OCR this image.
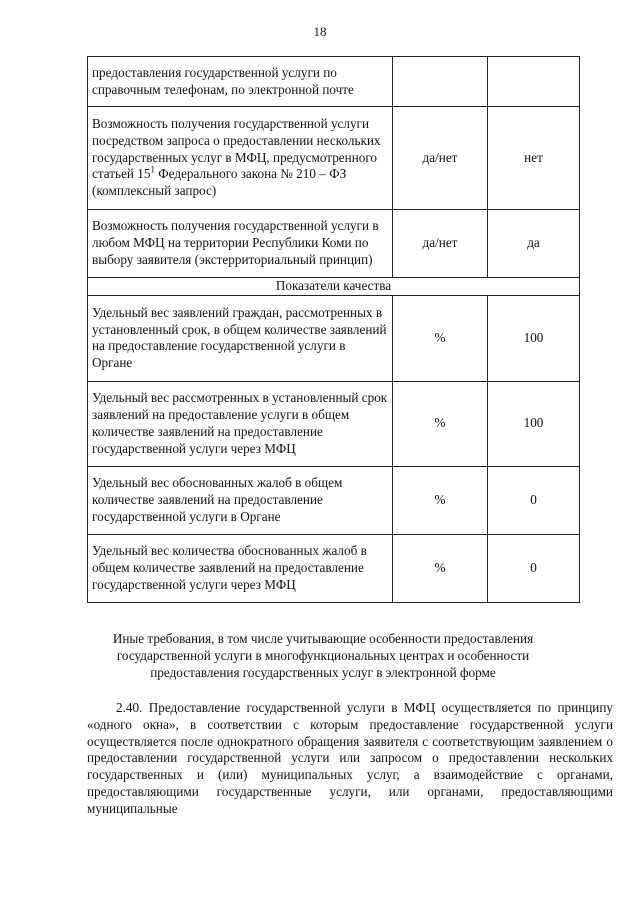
18
предоставления государственной услуги по справочным телефонам, по электронной почте		
Возможность получения государственной услуги посредством запроса о предоставлении нескольких государственных услуг в МФЦ, предусмотренного статьей $15^1$ Федерального закона № 210 – ФЗ (комплексный запрос)	да/нет	нет
Возможность получения государственной услуги в любом МФЦ на территории Республики Коми по выбору заявителя (экстерриториальный принцип)	да/нет	да
Показатели качества		
Удельный вес заявлений граждан, рассмотренных в установленный срок, в общем количестве заявлений на предоставление государственной услуги в Органе	%	100
Удельный вес рассмотренных в установленный срок заявлений на предоставление услуги в общем количестве заявлений на предоставление государственной услуги через МФЦ	%	100
Удельный вес обоснованных жалоб в общем количестве заявлений на предоставление государственной услуги в Органе	%	0
Удельный вес количества обоснованных жалоб в общем количестве заявлений на предоставление государственной услуги через МФЦ	%	0
Иные требования, в том числе учитывающие особенности предоставления государственной услуги в многофункциональных центрах и особенности предоставления государственных услуг в электронной форме
2.40. Предоставление государственной услуги в МФЦ осуществляется по принципу «одного окна», в соответствии с которым предоставление государственной услуги осуществляется после однократного обращения заявителя с соответствующим заявлением о предоставлении государственной услуги или запросом о предоставлении нескольких государственных и (или) муниципальных услуг, а взаимодействие с органами, предоставляющими государственные услуги, или органами, предоставляющими муниципальные
